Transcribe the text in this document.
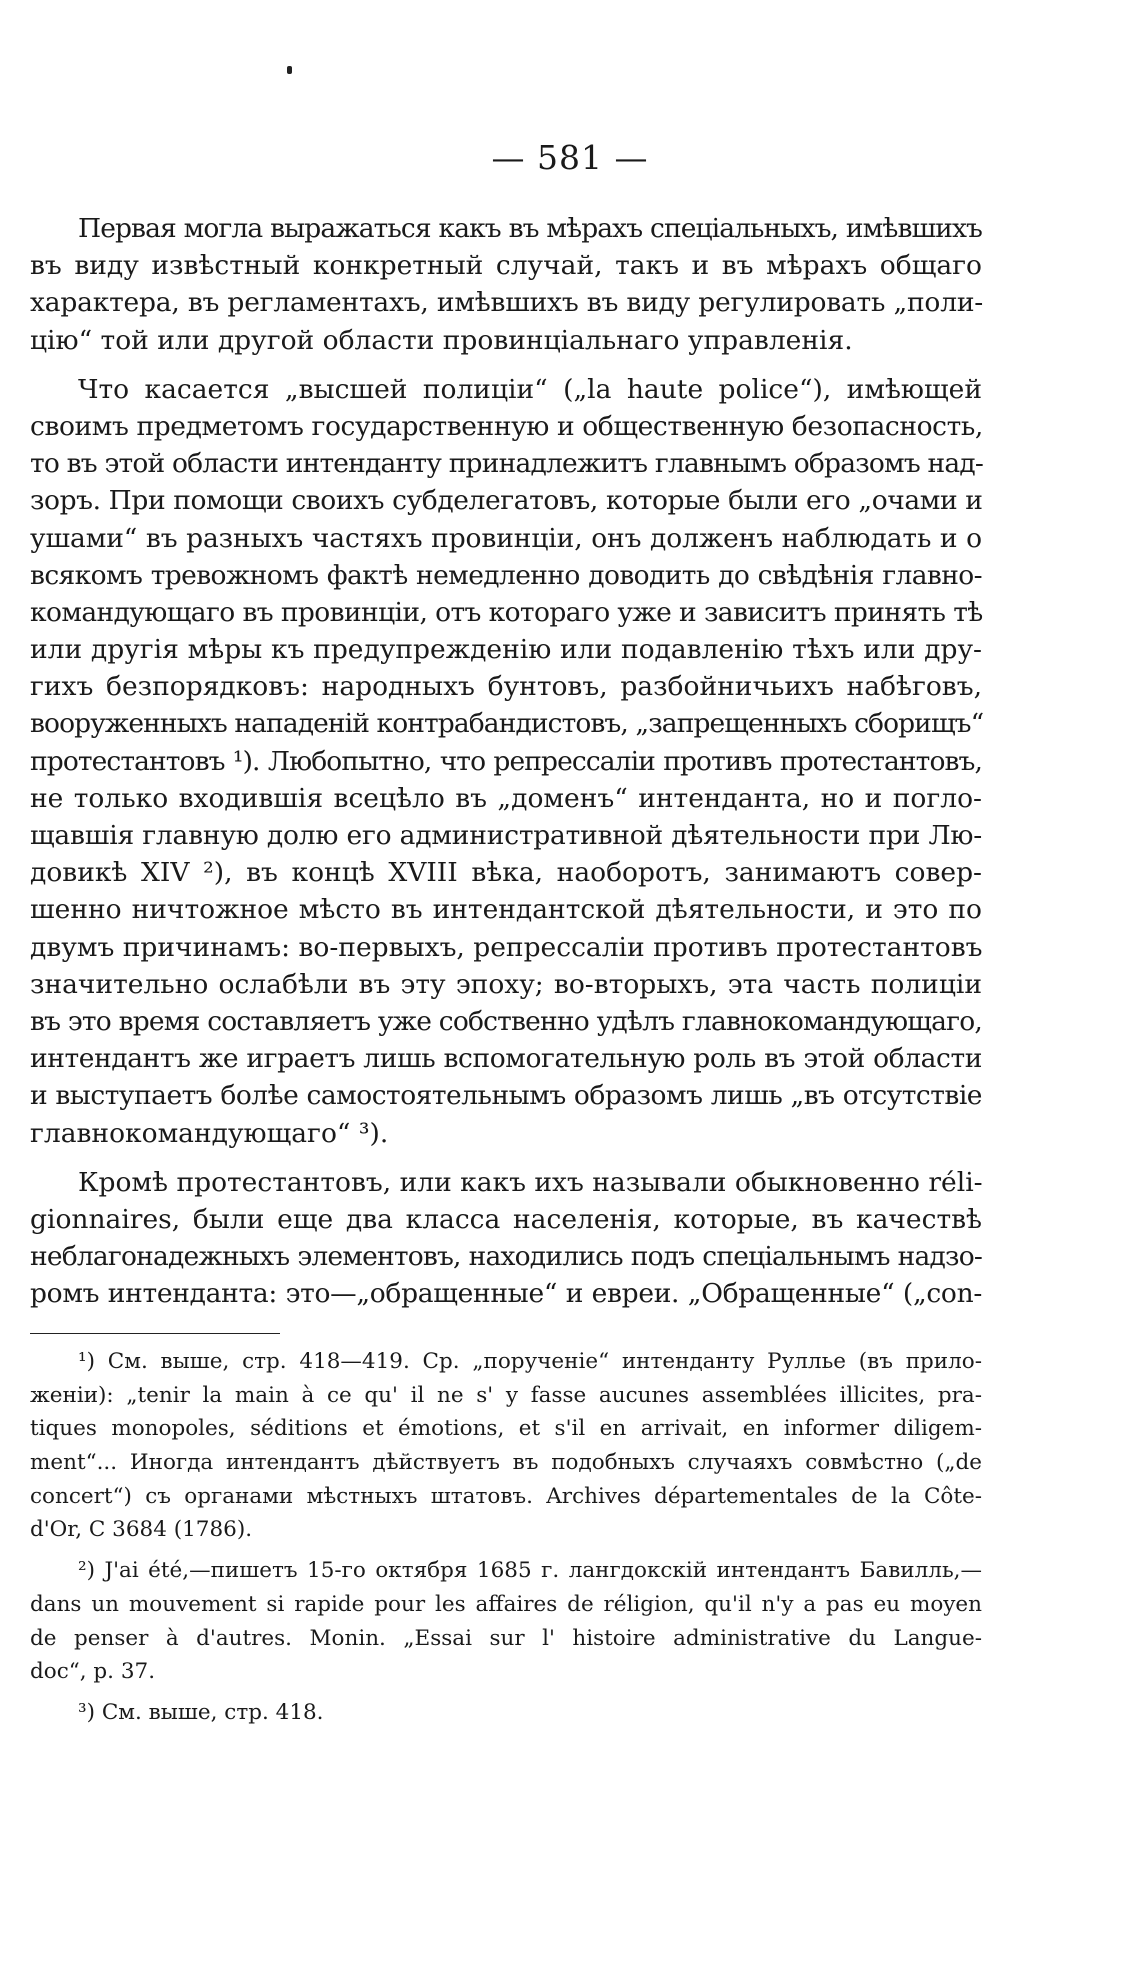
— 581 —
Первая могла выражаться какъ въ мѣрахъ спеціальныхъ, имѣвшихъ
въ виду извѣстный конкретный случай, такъ и въ мѣрахъ общаго
характера, въ регламентахъ, имѣвшихъ въ виду регулировать „поли-
цію“ той или другой области провинціальнаго управленія.
Что касается „высшей полиціи“ („la haute police“), имѣющей
своимъ предметомъ государственную и общественную безопасность,
то въ этой области интенданту принадлежитъ главнымъ образомъ над-
зоръ. При помощи своихъ субделегатовъ, которые были его „очами и
ушами“ въ разныхъ частяхъ провинціи, онъ долженъ наблюдать и о
всякомъ тревожномъ фактѣ немедленно доводить до свѣдѣнія главно-
командующаго въ провинціи, отъ котораго уже и зависитъ принять тѣ
или другія мѣры къ предупрежденію или подавленію тѣхъ или дру-
гихъ безпорядковъ: народныхъ бунтовъ, разбойничьихъ набѣговъ,
вооруженныхъ нападеній контрабандистовъ, „запрещенныхъ сборищъ“
протестантовъ ¹). Любопытно, что репрессаліи противъ протестантовъ,
не только входившія всецѣло въ „доменъ“ интенданта, но и погло-
щавшія главную долю его административной дѣятельности при Лю-
довикѣ XIV ²), въ концѣ XVIII вѣка, наоборотъ, занимаютъ совер-
шенно ничтожное мѣсто въ интендантской дѣятельности, и это по
двумъ причинамъ: во-первыхъ, репрессаліи противъ протестантовъ
значительно ослабѣли въ эту эпоху; во-вторыхъ, эта часть полиціи
въ это время составляетъ уже собственно удѣлъ главнокомандующаго,
интендантъ же играетъ лишь вспомогательную роль въ этой области
и выступаетъ болѣе самостоятельнымъ образомъ лишь „въ отсутствіе
главнокомандующаго“ ³).
Кромѣ протестантовъ, или какъ ихъ называли обыкновенно réli-
gionnaires, были еще два класса населенія, которые, въ качествѣ
неблагонадежныхъ элементовъ, находились подъ спеціальнымъ надзо-
ромъ интенданта: это—„обращенные“ и евреи. „Обращенные“ („con-
¹) См. выше, стр. 418—419. Ср. „порученіе“ интенданту Рулльe (въ прило-
женіи): „tenir la main à ce qu' il ne s' y fasse aucunes assemblées illicites, pra-
tiques monopoles, séditions et émotions, et s'il en arrivait, en informer diligem-
ment“... Иногда интендантъ дѣйствуетъ въ подобныхъ случаяхъ совмѣстно („de
concert“) съ органами мѣстныхъ штатовъ. Archives départementales de la Côte-
d'Or, C 3684 (1786).
²) J'ai été,—пишетъ 15-го октября 1685 г. лангдокскій интендантъ Бавилль,—
dans un mouvement si rapide pour les affaires de réligion, qu'il n'y a pas eu moyen
de penser à d'autres. Monin. „Essai sur l' histoire administrative du Langue-
doc“, p. 37.
³) См. выше, стр. 418.
